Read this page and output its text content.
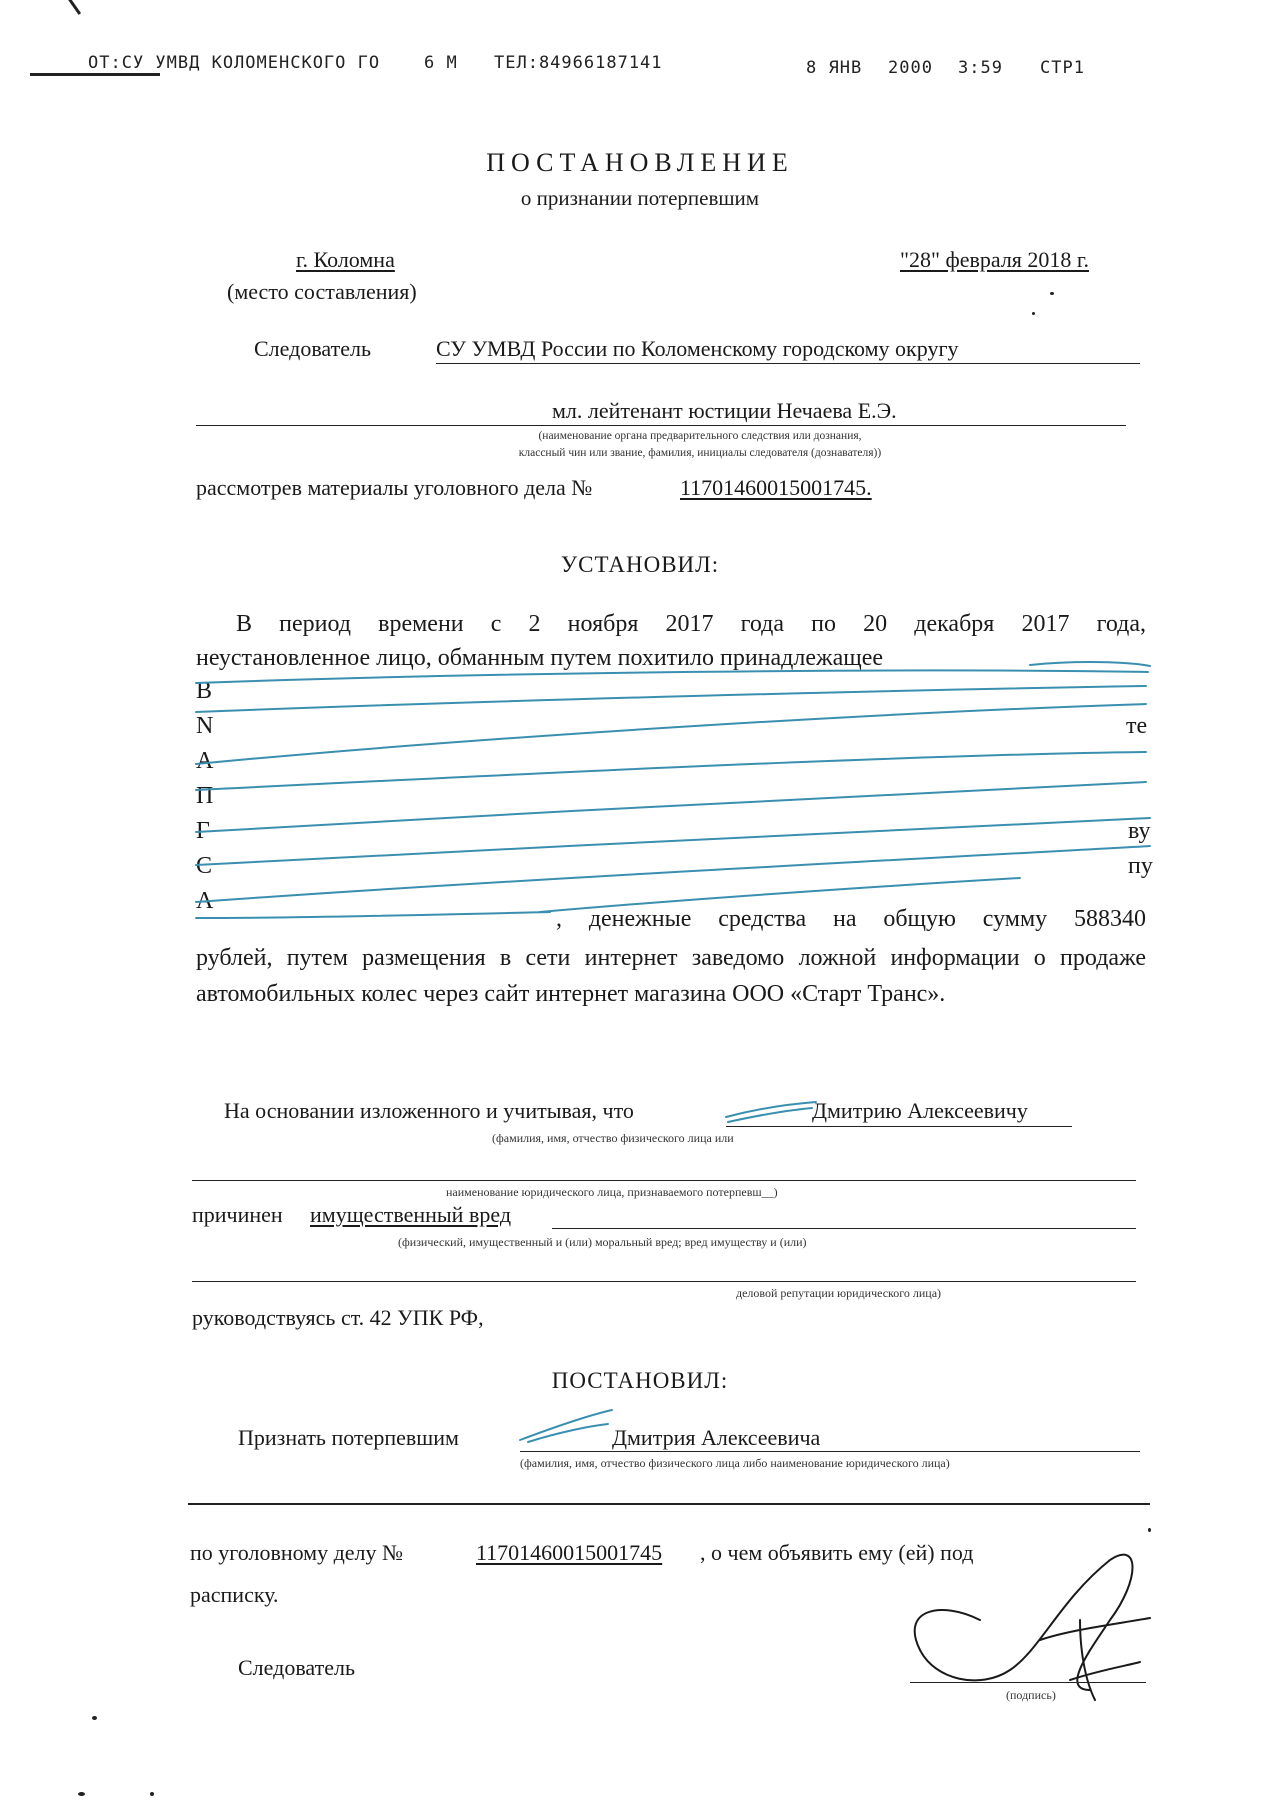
ОТ:СУ УМВД КОЛОМЕНСКОГО ГО	6 М ТЕЛ:84966187141	8 ЯНВ 2000 3:59 СТР1
ПОСТАНОВЛЕНИЕ
о признании потерпевшим
г. Коломна
(место составления)
"28" февраля 2018 г.
Следователь	СУ УМВД России по Коломенскому городскому округу
мл. лейтенант юстиции Нечаева Е.Э.
(наименование органа предварительного следствия или дознания,
классный чин или звание, фамилия, инициалы следователя (дознавателя))
рассмотрев материалы уголовного дела №	11701460015001745.
УСТАНОВИЛ:
В период времени с 2 ноября 2017 года по 20 декабря 2017 года,
неустановленное лицо, обманным путем похитило принадлежащее
В
N
А
П
Г
С
А
те
ву
пу
, денежные средства на общую сумму 588340
рублей, путем размещения в сети интернет заведомо ложной информации о продаже автомобильных колес через сайт интернет магазина ООО «Старт Транс».
На основании изложенного и учитывая, что	Дмитрию Алексеевичу
(фамилия, имя, отчество физического лица или
наименование юридического лица, признаваемого потерпевш__)
причинен имущественный вред
(физический, имущественный и (или) моральный вред; вред имуществу и (или)
деловой репутации юридического лица)
руководствуясь ст. 42 УПК РФ,
ПОСТАНОВИЛ:
Признать потерпевшим	Дмитрия Алексеевича
(фамилия, имя, отчество физического лица либо наименование юридического лица)
по уголовному делу №	11701460015001745 , о чем объявить ему (ей) под
расписку.
Следователь
(подпись)
